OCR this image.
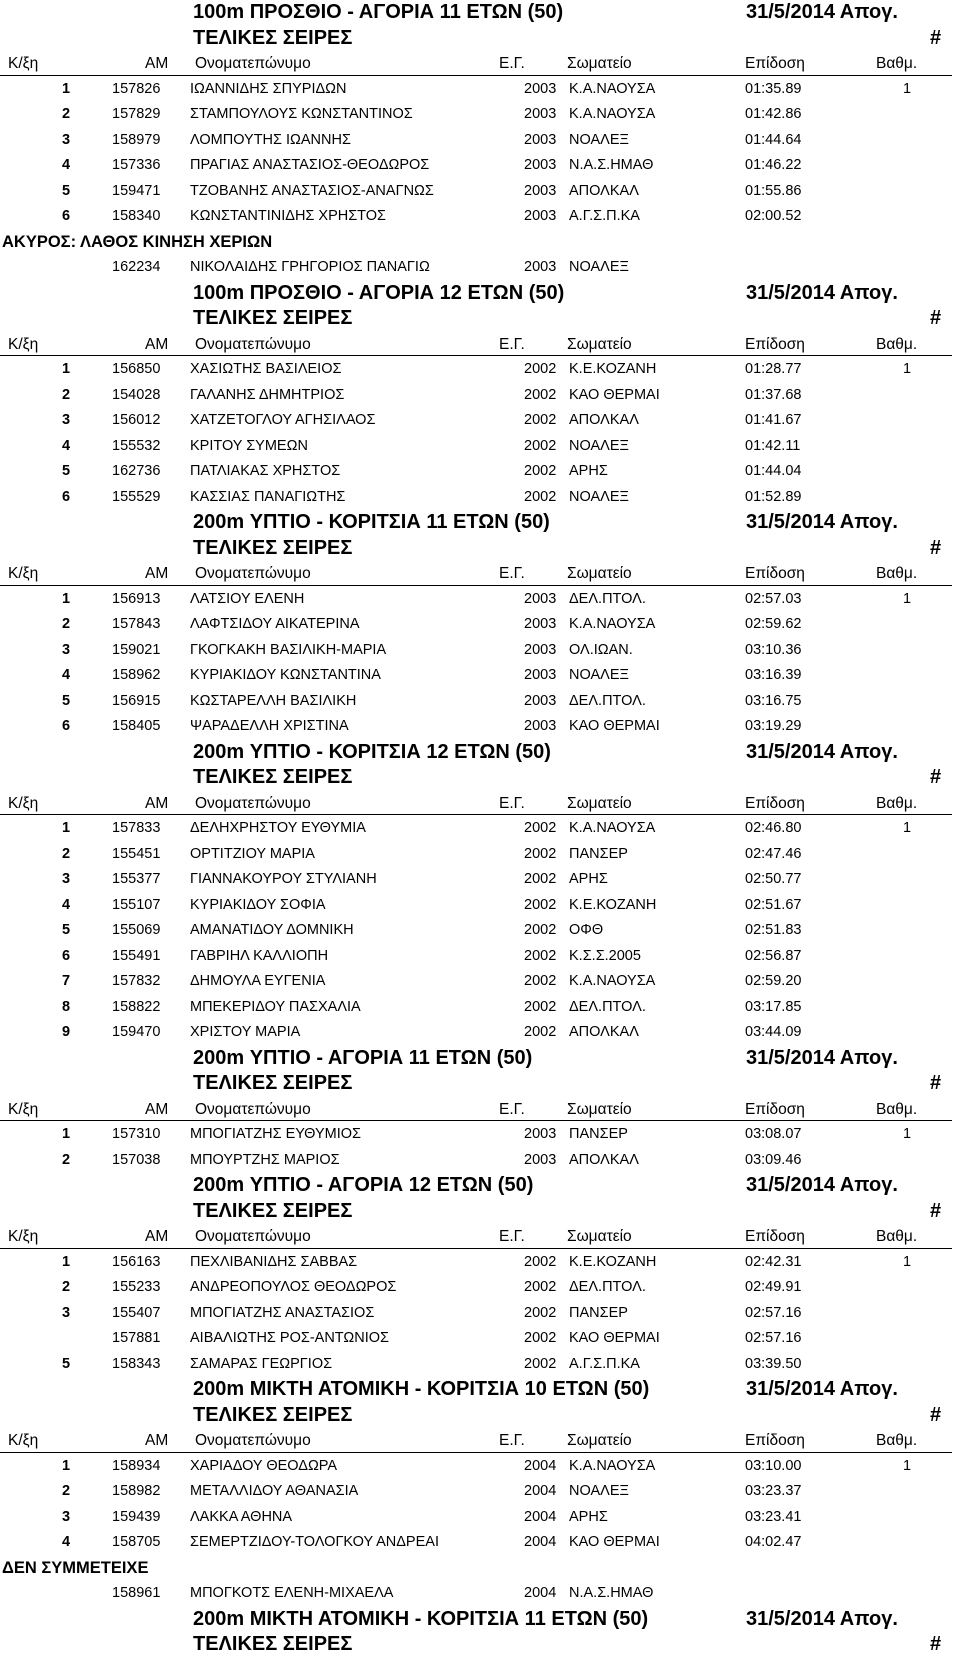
100m ΠΡΟΣΘΙΟ - ΑΓΟΡΙΑ 11 ΕΤΩΝ (50)	31/5/2014 Απογ.
ΤΕΛΙΚΕΣ ΣΕΙΡΕΣ	#
Κ/ξη	AM Ονοματεπώνυμο	Ε.Γ.	Σωματείο	Επίδοση	Βαθμ.
1	157826 ΙΩΑΝΝΙΔΗΣ ΣΠΥΡΙΔΩΝ	2003 Κ.Α.ΝΑΟΥΣΑ	01:35.89	1
2	157829 ΣΤΑΜΠΟΥΛΟΥΣ ΚΩΝΣΤΑΝΤΙΝΟΣ	2003 Κ.Α.ΝΑΟΥΣΑ	01:42.86
3	158979 ΛΟΜΠΟΥΤΗΣ ΙΩΑΝΝΗΣ	2003 ΝΟΑΛΕΞ	01:44.64
4	157336 ΠΡΑΓΙΑΣ ΑΝΑΣΤΑΣΙΟΣ-ΘΕΟΔΩΡΟΣ	2003 Ν.Α.Σ.ΗΜΑΘ	01:46.22
5	159471 ΤΖΟΒΑΝΗΣ ΑΝΑΣΤΑΣΙΟΣ-ΑΝΑΓΝΩΣ	2003 ΑΠΟΛΚΑΛ	01:55.86
6	158340 ΚΩΝΣΤΑΝΤΙΝΙΔΗΣ ΧΡΗΣΤΟΣ	2003 Α.Γ.Σ.Π.ΚΑ	02:00.52
ΑΚΥΡΟΣ: ΛΑΘΟΣ ΚΙΝΗΣΗ ΧΕΡΙΩΝ
162234 ΝΙΚΟΛΑΙΔΗΣ ΓΡΗΓΟΡΙΟΣ ΠΑΝΑΓΙΩ	2003 ΝΟΑΛΕΞ
100m ΠΡΟΣΘΙΟ - ΑΓΟΡΙΑ 12 ΕΤΩΝ (50)	31/5/2014 Απογ.
ΤΕΛΙΚΕΣ ΣΕΙΡΕΣ	#
Κ/ξη	AM Ονοματεπώνυμο	Ε.Γ.	Σωματείο	Επίδοση	Βαθμ.
1	156850 ΧΑΣΙΩΤΗΣ ΒΑΣΙΛΕΙΟΣ	2002 Κ.Ε.ΚΟΖΑΝΗ	01:28.77	1
2	154028 ΓΑΛΑΝΗΣ ΔΗΜΗΤΡΙΟΣ	2002 ΚΑΟ ΘΕΡΜΑΙ	01:37.68
3	156012 ΧΑΤΖΕΤΟΓΛΟΥ ΑΓΗΣΙΛΑΟΣ	2002 ΑΠΟΛΚΑΛ	01:41.67
4	155532 ΚΡΙΤΟΥ ΣΥΜΕΩΝ	2002 ΝΟΑΛΕΞ	01:42.11
5	162736 ΠΑΤΛΙΑΚΑΣ ΧΡΗΣΤΟΣ	2002 ΑΡΗΣ	01:44.04
6	155529 ΚΑΣΣΙΑΣ ΠΑΝΑΓΙΩΤΗΣ	2002 ΝΟΑΛΕΞ	01:52.89
200m ΥΠΤΙΟ - ΚΟΡΙΤΣΙΑ 11 ΕΤΩΝ (50)	31/5/2014 Απογ.
ΤΕΛΙΚΕΣ ΣΕΙΡΕΣ	#
Κ/ξη	AM Ονοματεπώνυμο	Ε.Γ.	Σωματείο	Επίδοση	Βαθμ.
1	156913 ΛΑΤΣΙΟΥ ΕΛΕΝΗ	2003 ΔΕΛ.ΠΤΟΛ.	02:57.03	1
2	157843 ΛΑΦΤΣΙΔΟΥ ΑΙΚΑΤΕΡΙΝΑ	2003 Κ.Α.ΝΑΟΥΣΑ	02:59.62
3	159021 ΓΚΟΓΚΑΚΗ ΒΑΣΙΛΙΚΗ-ΜΑΡΙΑ	2003 ΟΛ.ΙΩΑΝ.	03:10.36
4	158962 ΚΥΡΙΑΚΙΔΟΥ ΚΩΝΣΤΑΝΤΙΝΑ	2003 ΝΟΑΛΕΞ	03:16.39
5	156915 ΚΩΣΤΑΡΕΛΛΗ ΒΑΣΙΛΙΚΗ	2003 ΔΕΛ.ΠΤΟΛ.	03:16.75
6	158405 ΨΑΡΑΔΕΛΛΗ ΧΡΙΣΤΙΝΑ	2003 ΚΑΟ ΘΕΡΜΑΙ	03:19.29
200m ΥΠΤΙΟ - ΚΟΡΙΤΣΙΑ 12 ΕΤΩΝ (50)	31/5/2014 Απογ.
ΤΕΛΙΚΕΣ ΣΕΙΡΕΣ	#
Κ/ξη	AM Ονοματεπώνυμο	Ε.Γ.	Σωματείο	Επίδοση	Βαθμ.
1	157833 ΔΕΛΗΧΡΗΣΤΟΥ ΕΥΘΥΜΙΑ	2002 Κ.Α.ΝΑΟΥΣΑ	02:46.80	1
2	155451 ΟΡΤΙΤΖΙΟΥ ΜΑΡΙΑ	2002 ΠΑΝΣΕΡ	02:47.46
3	155377 ΓΙΑΝΝΑΚΟΥΡΟΥ ΣΤΥΛΙΑΝΗ	2002 ΑΡΗΣ	02:50.77
4	155107 ΚΥΡΙΑΚΙΔΟΥ ΣΟΦΙΑ	2002 Κ.Ε.ΚΟΖΑΝΗ	02:51.67
5	155069 ΑΜΑΝΑΤΙΔΟΥ ΔΟΜΝΙΚΗ	2002 ΟΦΘ	02:51.83
6	155491 ΓΑΒΡΙΗΛ ΚΑΛΛΙΟΠΗ	2002 Κ.Σ.Σ.2005	02:56.87
7	157832 ΔΗΜΟΥΛΑ ΕΥΓΕΝΙΑ	2002 Κ.Α.ΝΑΟΥΣΑ	02:59.20
8	158822 ΜΠΕΚΕΡΙΔΟΥ ΠΑΣΧΑΛΙΑ	2002 ΔΕΛ.ΠΤΟΛ.	03:17.85
9	159470 ΧΡΙΣΤΟΥ ΜΑΡΙΑ	2002 ΑΠΟΛΚΑΛ	03:44.09
200m ΥΠΤΙΟ - ΑΓΟΡΙΑ 11 ΕΤΩΝ (50)	31/5/2014 Απογ.
ΤΕΛΙΚΕΣ ΣΕΙΡΕΣ	#
Κ/ξη	AM Ονοματεπώνυμο	Ε.Γ.	Σωματείο	Επίδοση	Βαθμ.
1	157310 ΜΠΟΓΙΑΤΖΗΣ ΕΥΘΥΜΙΟΣ	2003 ΠΑΝΣΕΡ	03:08.07	1
2	157038 ΜΠΟΥΡΤΖΗΣ ΜΑΡΙΟΣ	2003 ΑΠΟΛΚΑΛ	03:09.46
200m ΥΠΤΙΟ - ΑΓΟΡΙΑ 12 ΕΤΩΝ (50)	31/5/2014 Απογ.
ΤΕΛΙΚΕΣ ΣΕΙΡΕΣ	#
Κ/ξη	AM Ονοματεπώνυμο	Ε.Γ.	Σωματείο	Επίδοση	Βαθμ.
1	156163 ΠΕΧΛΙΒΑΝΙΔΗΣ ΣΑΒΒΑΣ	2002 Κ.Ε.ΚΟΖΑΝΗ	02:42.31	1
2	155233 ΑΝΔΡΕΟΠΟΥΛΟΣ ΘΕΟΔΩΡΟΣ	2002 ΔΕΛ.ΠΤΟΛ.	02:49.91
3	155407 ΜΠΟΓΙΑΤΖΗΣ ΑΝΑΣΤΑΣΙΟΣ	2002 ΠΑΝΣΕΡ	02:57.16
157881 ΑΙΒΑΛΙΩΤΗΣ ΡΟΣ-ΑΝΤΩΝΙΟΣ	2002 ΚΑΟ ΘΕΡΜΑΙ	02:57.16
5	158343 ΣΑΜΑΡΑΣ ΓΕΩΡΓΙΟΣ	2002 Α.Γ.Σ.Π.ΚΑ	03:39.50
200m ΜΙΚΤΗ ΑΤΟΜΙΚΗ - ΚΟΡΙΤΣΙΑ 10 ΕΤΩΝ (50)	31/5/2014 Απογ.
ΤΕΛΙΚΕΣ ΣΕΙΡΕΣ	#
Κ/ξη	AM Ονοματεπώνυμο	Ε.Γ.	Σωματείο	Επίδοση	Βαθμ.
1	158934 ΧΑΡΙΑΔΟΥ ΘΕΟΔΩΡΑ	2004 Κ.Α.ΝΑΟΥΣΑ	03:10.00	1
2	158982 ΜΕΤΑΛΛΙΔΟΥ ΑΘΑΝΑΣΙΑ	2004 ΝΟΑΛΕΞ	03:23.37
3	159439 ΛΑΚΚΑ ΑΘΗΝΑ	2004 ΑΡΗΣ	03:23.41
4	158705 ΣΕΜΕΡΤΖΙΔΟΥ-ΤΟΛΟΓΚΟΥ ΑΝΔΡΕΑΙ	2004 ΚΑΟ ΘΕΡΜΑΙ	04:02.47
ΔΕΝ ΣΥΜΜΕΤΕΙΧΕ
158961 ΜΠΟΓΚΟΤΣ ΕΛΕΝΗ-ΜΙΧΑΕΛΑ	2004 Ν.Α.Σ.ΗΜΑΘ
200m ΜΙΚΤΗ ΑΤΟΜΙΚΗ - ΚΟΡΙΤΣΙΑ 11 ΕΤΩΝ (50)	31/5/2014 Απογ.
ΤΕΛΙΚΕΣ ΣΕΙΡΕΣ	#
